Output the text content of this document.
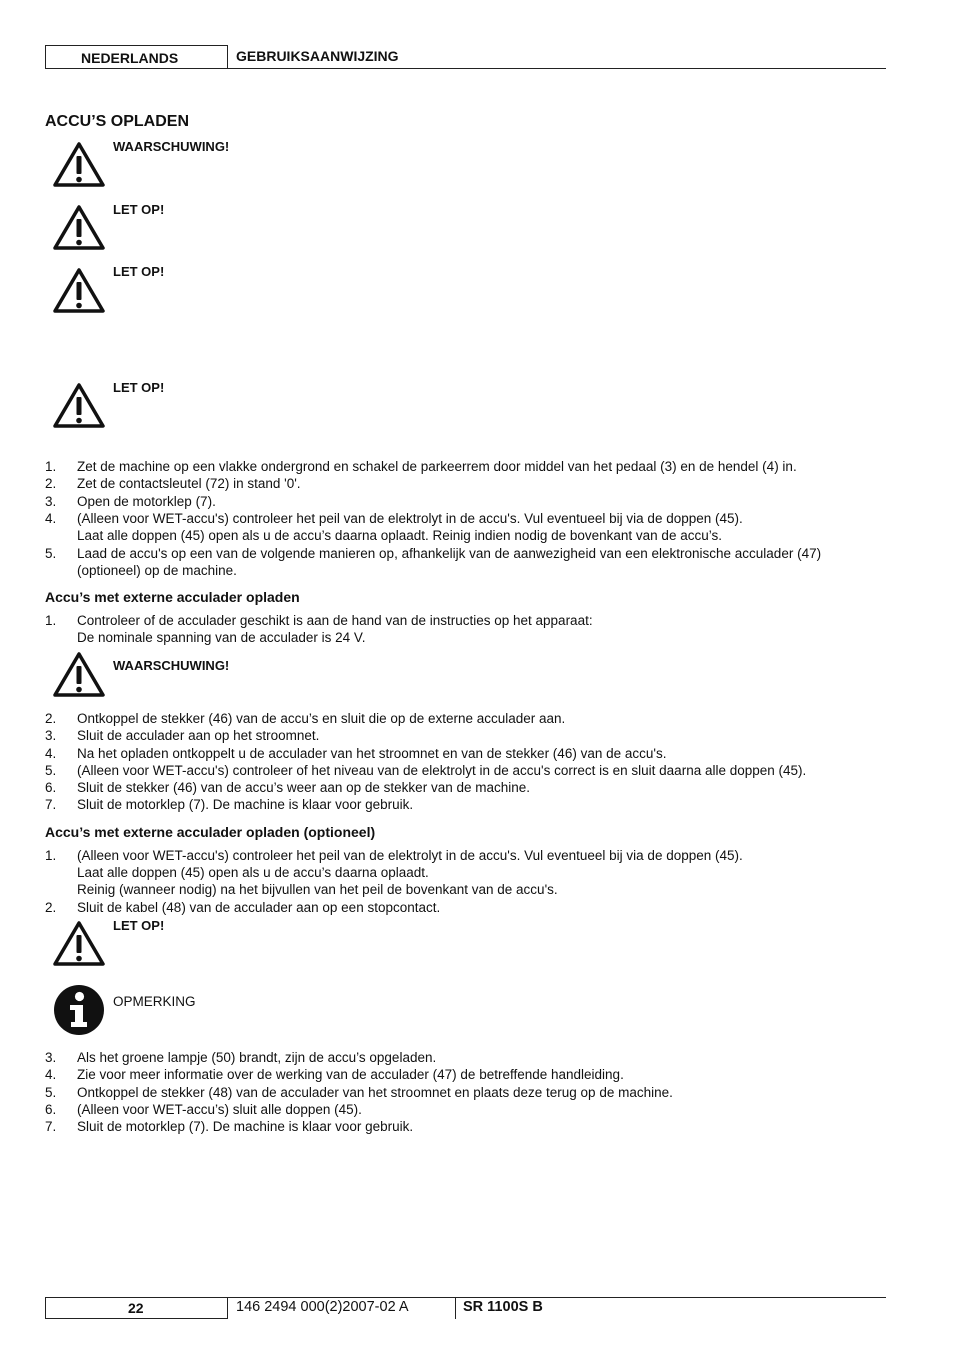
NEDERLANDS	GEBRUIKSAANWIJZING
ACCU’S OPLADEN
WAARSCHUWING!
LET OP!
LET OP!
LET OP!
1. Zet de machine op een vlakke ondergrond en schakel de parkeerrem door middel van het pedaal (3) en de hendel (4) in.
2. Zet de contactsleutel (72) in stand '0'.
3. Open de motorklep (7).
4. (Alleen voor WET-accu's) controleer het peil van de elektrolyt in de accu's. Vul eventueel bij via de doppen (45).
Laat alle doppen (45) open als u de accu’s daarna oplaadt. Reinig indien nodig de bovenkant van de accu’s.
5. Laad de accu's op een van de volgende manieren op, afhankelijk van de aanwezigheid van een elektronische acculader (47)
(optioneel) op de machine.
Accu’s met externe acculader opladen
1. Controleer of de acculader geschikt is aan de hand van de instructies op het apparaat:
De nominale spanning van de acculader is 24 V.
WAARSCHUWING!
2. Ontkoppel de stekker (46) van de accu’s en sluit die op de externe acculader aan.
3. Sluit de acculader aan op het stroomnet.
4. Na het opladen ontkoppelt u de acculader van het stroomnet en van de stekker (46) van de accu's.
5. (Alleen voor WET-accu's) controleer of het niveau van de elektrolyt in de accu's correct is en sluit daarna alle doppen (45).
6. Sluit de stekker (46) van de accu’s weer aan op de stekker van de machine.
7. Sluit de motorklep (7). De machine is klaar voor gebruik.
Accu’s met externe acculader opladen (optioneel)
1. (Alleen voor WET-accu's) controleer het peil van de elektrolyt in de accu's. Vul eventueel bij via de doppen (45).
Laat alle doppen (45) open als u de accu’s daarna oplaadt.
Reinig (wanneer nodig) na het bijvullen van het peil de bovenkant van de accu's.
2. Sluit de kabel (48) van de acculader aan op een stopcontact.
LET OP!
OPMERKING
3. Als het groene lampje (50) brandt, zijn de accu’s opgeladen.
4. Zie voor meer informatie over de werking van de acculader (47) de betreffende handleiding.
5. Ontkoppel de stekker (48) van de acculader van het stroomnet en plaats deze terug op de machine.
6. (Alleen voor WET-accu’s) sluit alle doppen (45).
7. Sluit de motorklep (7). De machine is klaar voor gebruik.
22	146 2494 000(2)2007-02 A	SR 1100S B
